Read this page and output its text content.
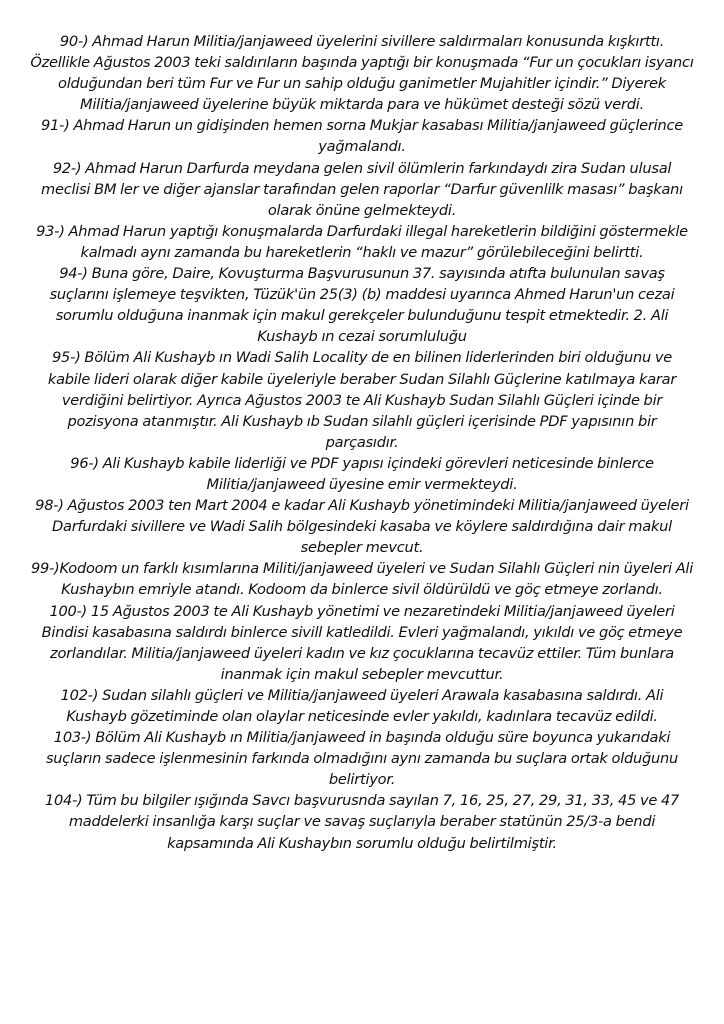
90-) Ahmad Harun Militia/janjaweed üyelerini sivillere saldırmaları konusunda kışkırttı. Özellikle Ağustos 2003 teki saldırıların başında yaptığı bir konuşmada “Fur un çocukları isyancı olduğundan beri tüm Fur ve Fur un sahip olduğu ganimetler Mujahitler içindir.” Diyerek Militia/janjaweed üyelerine büyük miktarda para ve hükümet desteği sözü verdi.

91-) Ahmad Harun un gidişinden hemen sorna Mukjar kasabası Militia/janjaweed güçlerince yağmalandı.

92-) Ahmad Harun Darfurda meydana gelen sivil ölümlerin farkındaydı zira Sudan ulusal meclisi BM ler ve diğer ajanslar tarafından gelen raporlar “Darfur güvenlilk masası” başkanı olarak önüne gelmekteydi.

93-) Ahmad Harun yaptığı konuşmalarda Darfurdaki illegal hareketlerin bildiğini göstermekle kalmadı aynı zamanda bu hareketlerin “haklı ve mazur” görülebileceğini belirtti.

94-) Buna göre, Daire, Kovuşturma Başvurusunun 37. sayısında atıfta bulunulan savaş suçlarını işlemeye teşvikten, Tüzük'ün 25(3) (b) maddesi uyarınca Ahmed Harun'un cezai sorumlu olduğuna inanmak için makul gerekçeler bulunduğunu tespit etmektedir. 2. Ali Kushayb ın cezai sorumluluğu

95-) Bölüm Ali Kushayb ın Wadi Salih Locality de en bilinen liderlerinden biri olduğunu ve kabile lideri olarak diğer kabile üyeleriyle beraber Sudan Silahlı Güçlerine katılmaya karar verdiğini belirtiyor. Ayrıca Ağustos 2003 te Ali Kushayb Sudan Silahlı Güçleri içinde bir pozisyona atanmıştır. Ali Kushayb ıb Sudan silahlı güçleri içerisinde PDF yapısının bir parçasıdır.

96-) Ali Kushayb kabile liderliği ve PDF yapısı içindeki görevleri neticesinde binlerce Militia/janjaweed üyesine emir vermekteydi.

98-) Ağustos 2003 ten Mart 2004 e kadar Ali Kushayb yönetimindeki Militia/janjaweed üyeleri Darfurdaki sivillere ve Wadi Salih bölgesindeki kasaba ve köylere saldırdığına dair makul sebepler mevcut.

99-)Kodoom un farklı kısımlarına Militi/janjaweed üyeleri ve Sudan Silahlı Güçleri nin üyeleri Ali Kushaybın emriyle atandı. Kodoom da binlerce sivil öldürüldü ve göç etmeye zorlandı.

100-) 15 Ağustos 2003 te Ali Kushayb yönetimi ve nezaretindeki Militia/janjaweed üyeleri Bindisi kasabasına saldırdı binlerce sivill katledildi. Evleri yağmalandı, yıkıldı ve göç etmeye zorlandılar. Militia/janjaweed üyeleri kadın ve kız çocuklarına tecavüz ettiler. Tüm bunlara inanmak için makul sebepler mevcuttur.

102-) Sudan silahlı güçleri ve Militia/janjaweed üyeleri Arawala kasabasına saldırdı. Ali Kushayb gözetiminde olan olaylar neticesinde evler yakıldı, kadınlara tecavüz edildi.

103-) Bölüm Ali Kushayb ın Militia/janjaweed in başında olduğu süre boyunca yukarıdaki suçların sadece işlenmesinin farkında olmadığını aynı zamanda bu suçlara ortak olduğunu belirtiyor.

104-) Tüm bu bilgiler ışığında Savcı başvurusnda sayılan 7, 16, 25, 27, 29, 31, 33, 45 ve 47 maddelerki insanlığa karşı suçlar ve savaş suçlarıyla beraber statünün 25/3-a bendi kapsamında Ali Kushaybın sorumlu olduğu belirtilmiştir.
